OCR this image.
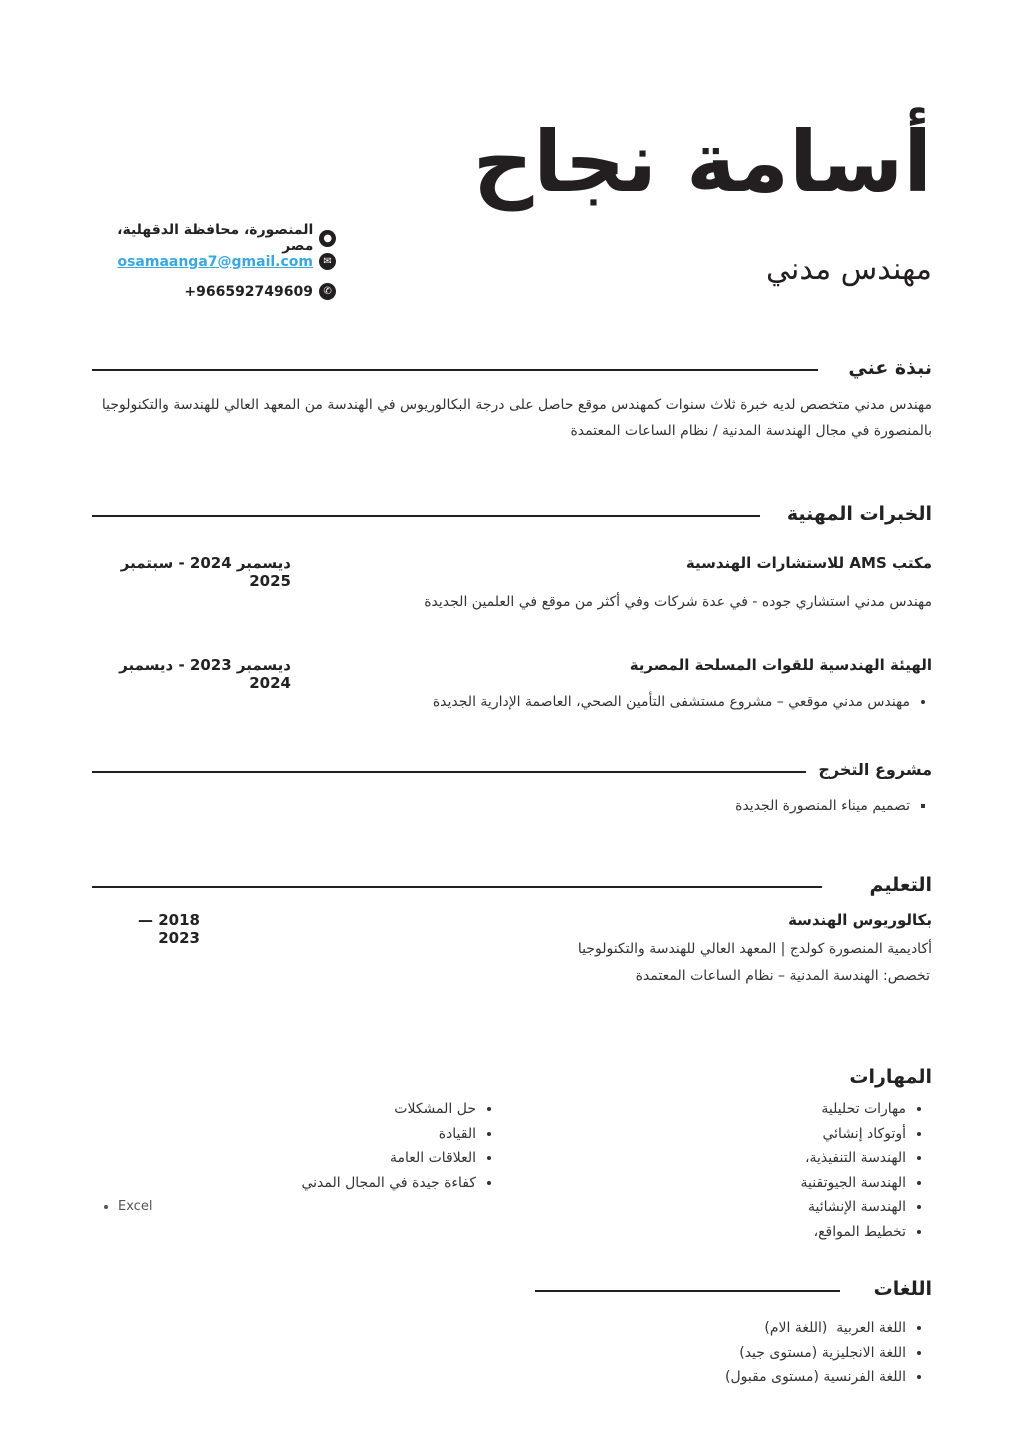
أسامة نجاح
مهندس مدني
●
المنصورة، محافظة الدقهلية، مصر
✉
osamaanga7@gmail.com
✆
+966592749609
نبذة عني
مهندس مدني متخصص لديه خبرة ثلاث سنوات كمهندس موقع حاصل على درجة البكالوريوس في الهندسة من المعهد العالي للهندسة والتكنولوجيا بالمنصورة في مجال الهندسة المدنية / نظام الساعات المعتمدة
الخبرات المهنية
مكتب AMS للاستشارات الهندسية
ديسمبر 2024 - سبتمبر 2025
مهندس مدني استشاري جوده - في عدة شركات وفي أكثر من موقع في العلمين الجديدة
الهيئة الهندسية للقوات المسلحة المصرية
ديسمبر 2023 - ديسمبر 2024
• مهندس مدني موقعي – مشروع مستشفى التأمين الصحي، العاصمة الإدارية الجديدة
مشروع التخرج
▪ تصميم ميناء المنصورة الجديدة
التعليم
بكالوريوس الهندسة
2018 — 2023
أكاديمية المنصورة كولدج | المعهد العالي للهندسة والتكنولوجيا
تخصص: الهندسة المدنية – نظام الساعات المعتمدة
المهارات
• مهارات تحليلية
• أوتوكاد إنشائي
• الهندسة التنفيذية،
• الهندسة الجيوتقنية
• الهندسة الإنشائية
• تخطيط المواقع،
• حل المشكلات
• القيادة
• العلاقات العامة
• كفاءة جيدة في المجال المدني
• Excel
اللغات
• اللغة العربية  (اللغة الام)
• اللغة الانجليزية (مستوى جيد)
• اللغة الفرنسية (مستوى مقبول)
